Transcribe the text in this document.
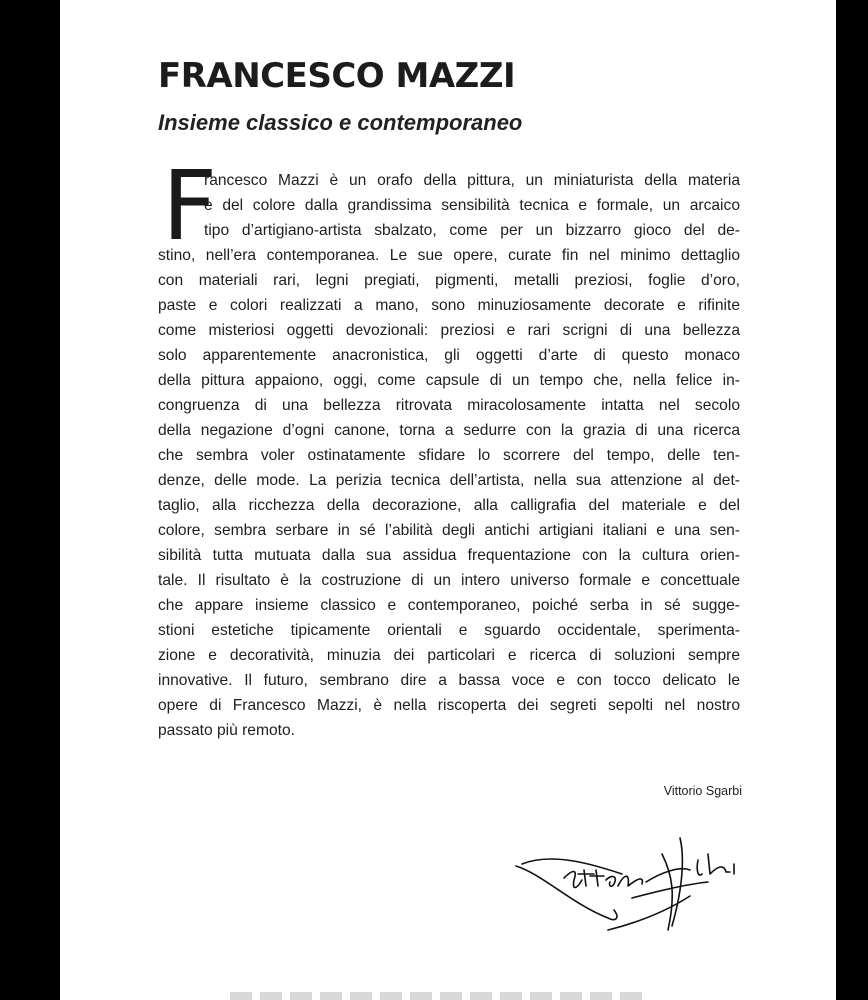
FRANCESCO MAZZI
Insieme classico e contemporaneo
F
rancesco Mazzi è un orafo della pittura, un miniaturista della materia
e del colore dalla grandissima sensibilità tecnica e formale, un arcaico
tipo d’artigiano-artista sbalzato, come per un bizzarro gioco del de-
stino, nell’era contemporanea. Le sue opere, curate fin nel minimo dettaglio
con materiali rari, legni pregiati, pigmenti, metalli preziosi, foglie d’oro,
paste e colori realizzati a mano, sono minuziosamente decorate e rifinite
come misteriosi oggetti devozionali: preziosi e rari scrigni di una bellezza
solo apparentemente anacronistica, gli oggetti d’arte di questo monaco
della pittura appaiono, oggi, come capsule di un tempo che, nella felice in-
congruenza di una bellezza ritrovata miracolosamente intatta nel secolo
della negazione d’ogni canone, torna a sedurre con la grazia di una ricerca
che sembra voler ostinatamente sfidare lo scorrere del tempo, delle ten-
denze, delle mode. La perizia tecnica dell’artista, nella sua attenzione al det-
taglio, alla ricchezza della decorazione, alla calligrafia del materiale e del
colore, sembra serbare in sé l’abilità degli antichi artigiani italiani e una sen-
sibilità tutta mutuata dalla sua assidua frequentazione con la cultura orien-
tale. Il risultato è la costruzione di un intero universo formale e concettuale
che appare insieme classico e contemporaneo, poiché serba in sé sugge-
stioni estetiche tipicamente orientali e sguardo occidentale, sperimenta-
zione e decoratività, minuzia dei particolari e ricerca di soluzioni sempre
innovative. Il futuro, sembrano dire a bassa voce e con tocco delicato le
opere di Francesco Mazzi, è nella riscoperta dei segreti sepolti nel nostro
passato più remoto.

Vittorio Sgarbi
